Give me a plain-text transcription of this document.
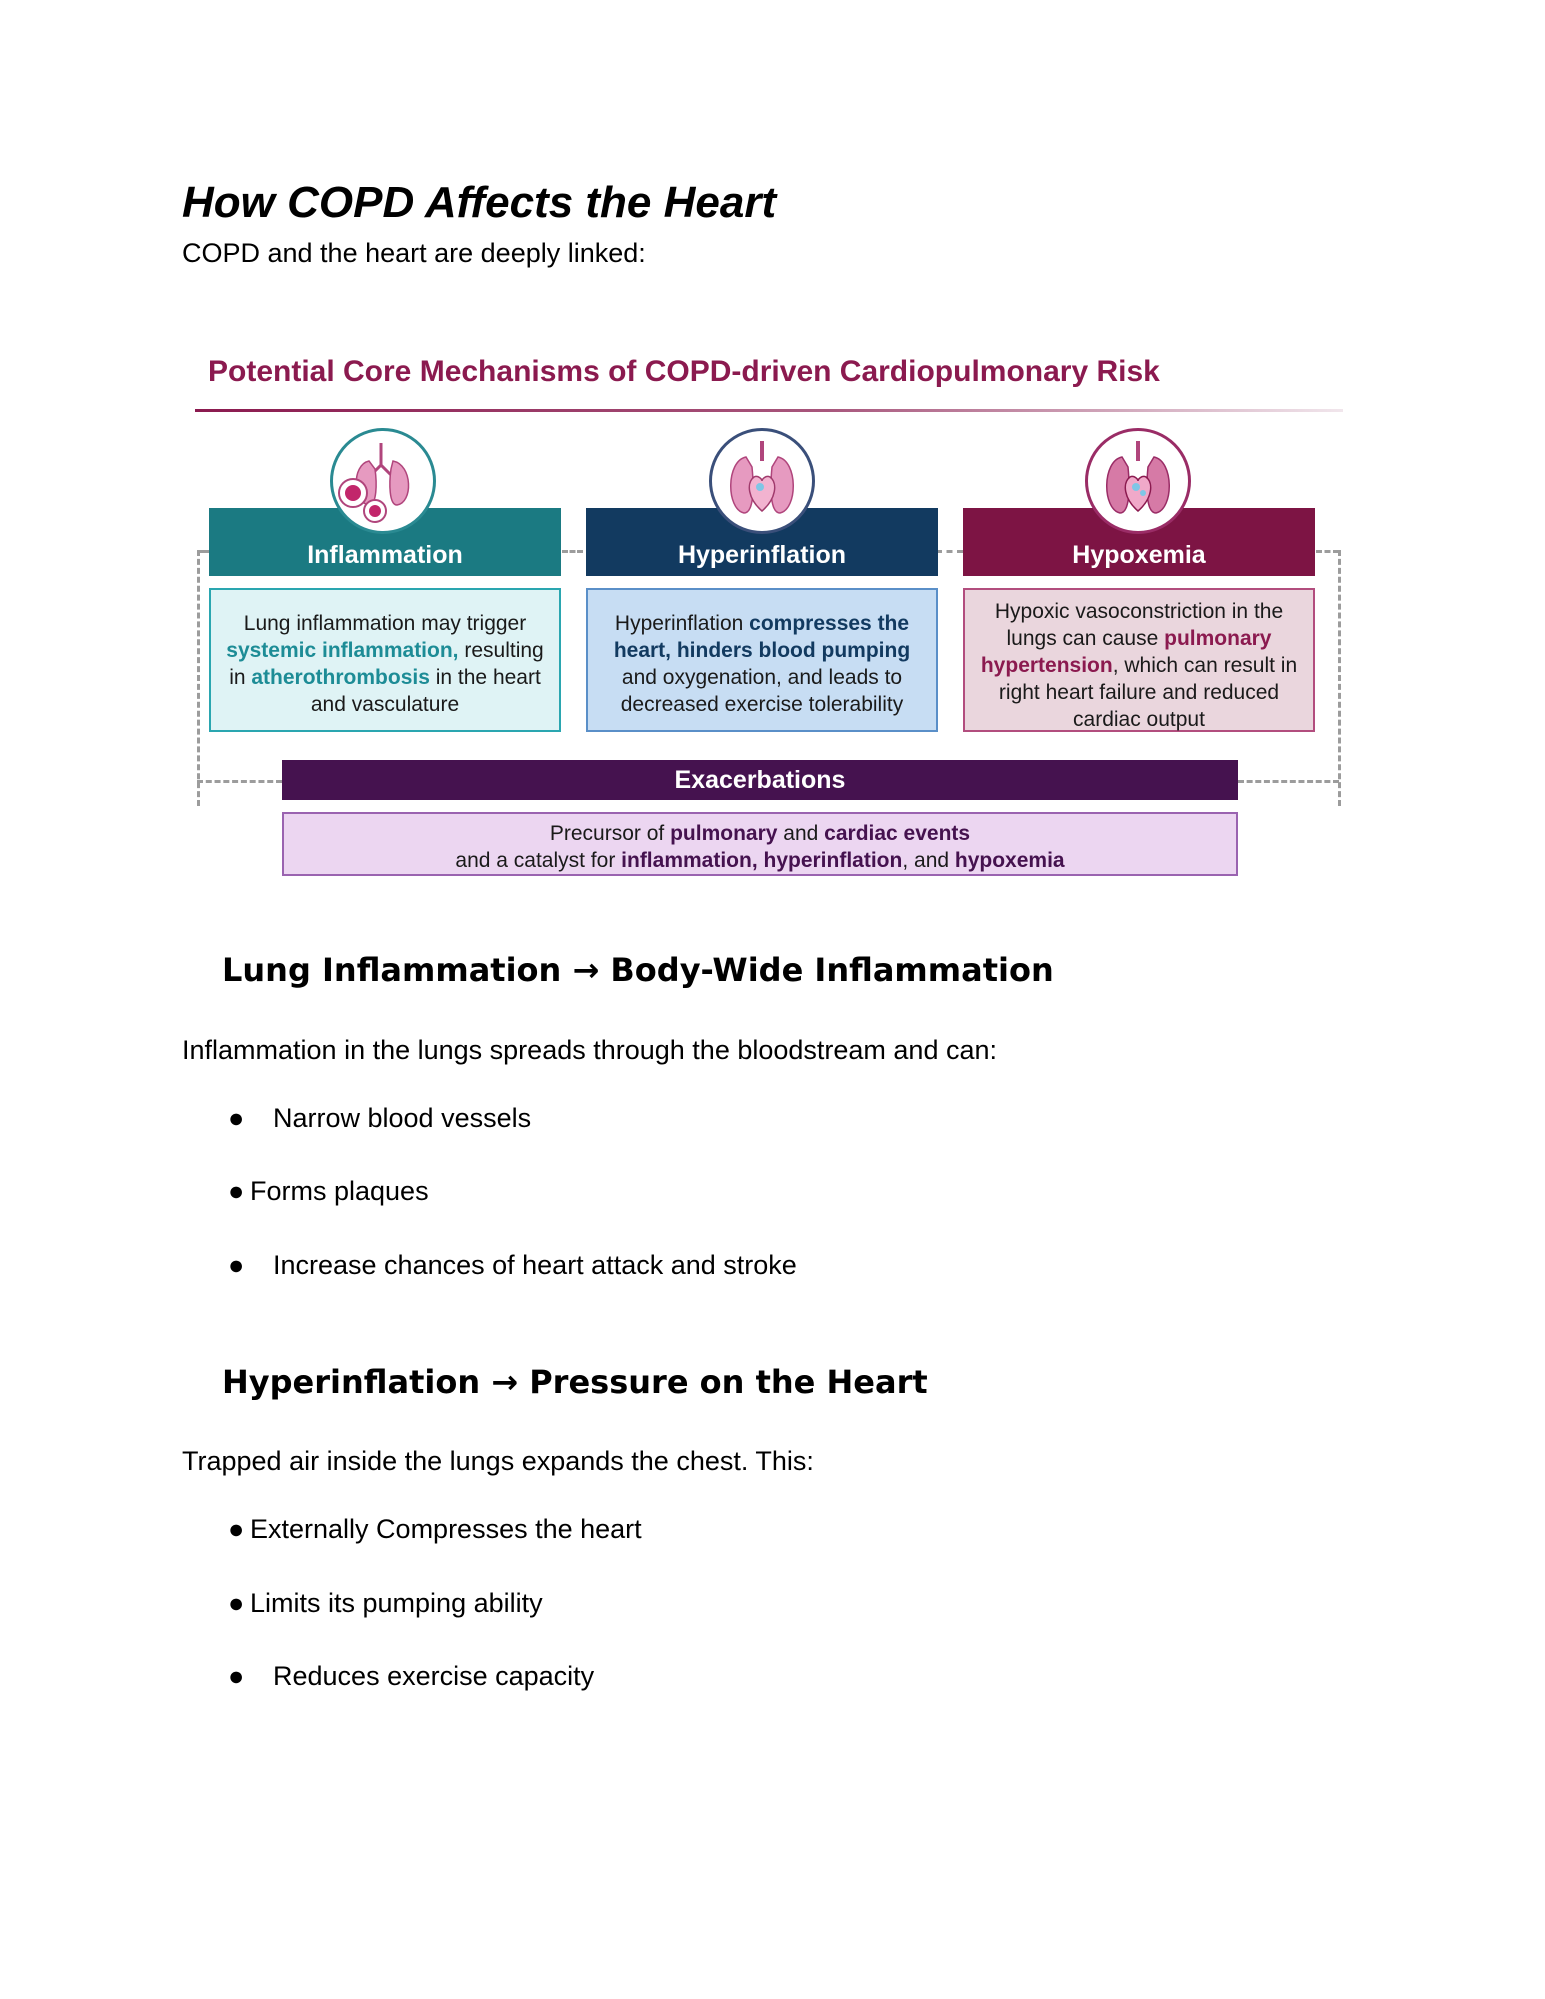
How COPD Affects the Heart

COPD and the heart are deeply linked:

Potential Core Mechanisms of COPD-driven Cardiopulmonary Risk
Inflammation
Lung inflammation may trigger systemic inflammation, resulting in atherothrombosis in the heart and vasculature
Hyperinflation
Hyperinflation compresses the heart, hinders blood pumping and oxygenation, and leads to decreased exercise tolerability
Hypoxemia
Hypoxic vasoconstriction in the lungs can cause pulmonary hypertension, which can result in right heart failure and reduced cardiac output
Exacerbations
Precursor of pulmonary and cardiac events
and a catalyst for inflammation, hyperinflation, and hypoxemia
Lung Inflammation → Body-Wide Inflammation

Inflammation in the lungs spreads through the bloodstream and can:

● Narrow blood vessels
● Forms plaques
● Increase chances of heart attack and stroke
Hyperinflation → Pressure on the Heart

Trapped air inside the lungs expands the chest. This:

● Externally Compresses the heart
● Limits its pumping ability
● Reduces exercise capacity
